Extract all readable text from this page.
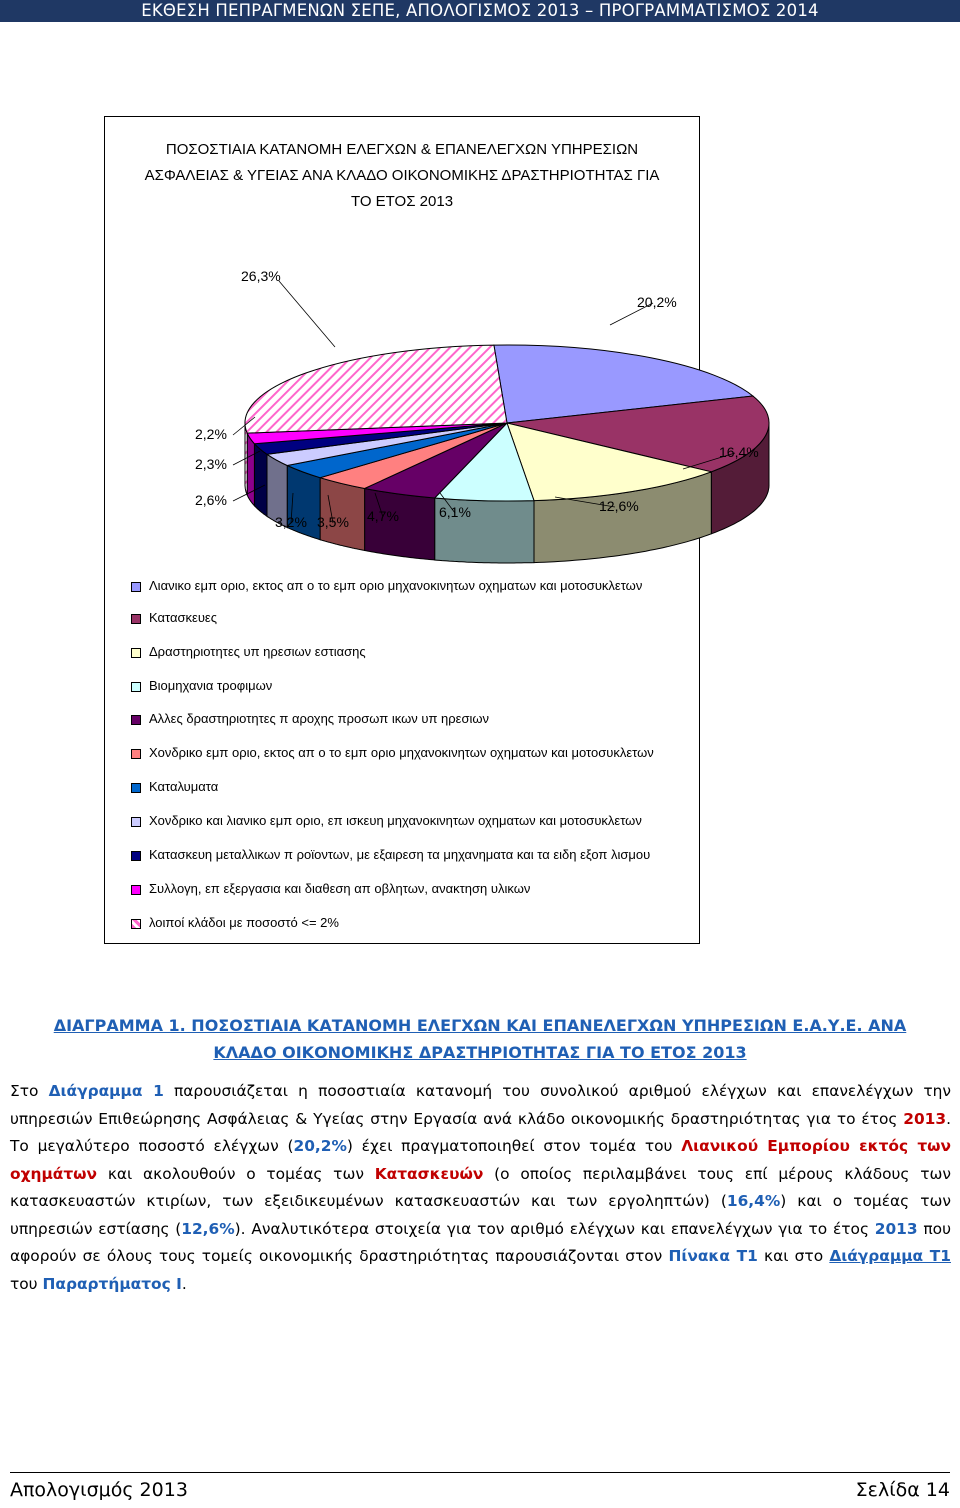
ΕΚΘΕΣΗ ΠΕΠΡΑΓΜΕΝΩΝ ΣΕΠΕ, ΑΠΟΛΟΓΙΣΜΟΣ 2013 – ΠΡΟΓΡΑΜΜΑΤΙΣΜΟΣ 2014
ΠΟΣΟΣΤΙΑΙΑ ΚΑΤΑΝΟΜΗ ΕΛΕΓΧΩΝ & ΕΠΑΝΕΛΕΓΧΩΝ ΥΠΗΡΕΣΙΩΝ
ΑΣΦΑΛΕΙΑΣ & ΥΓΕΙΑΣ ΑΝΑ ΚΛΑΔΟ ΟΙΚΟΝΟΜΙΚΗΣ ΔΡΑΣΤΗΡΙΟΤΗΤΑΣ ΓΙΑ
ΤΟ ΕΤΟΣ 2013
20,2%
16,4%
12,6%
6,1%
4,7%
3,5%
3,2%
2,6%
2,3%
2,2%
26,3%
Λιανικο εμπ οριο, εκτος απ ο το εμπ οριο μηχανοκινητων οχηματων και μοτοσυκλετων
Κατασκευες
Δραστηριοτητες υπ ηρεσιων εστιασης
Βιομηχανια τροφιμων
Αλλες δραστηριοτητες π αροχης προσωπ ικων υπ ηρεσιων
Χονδρικο εμπ οριο, εκτος απ ο το εμπ οριο μηχανοκινητων οχηματων και μοτοσυκλετων
Καταλυματα
Χονδρικο και λιανικο εμπ οριο, επ ισκευη μηχανοκινητων οχηματων και μοτοσυκλετων
Κατασκευη μεταλλικων π ροϊοντων, με εξαιρεση τα μηχανηματα και τα ειδη εξοπ λισμου
Συλλογη, επ εξεργασια και διαθεση απ οβλητων, ανακτηση υλικων
λοιποί κλάδοι με ποσοστό <= 2%
ΔΙΑΓΡΑΜΜΑ 1. ΠΟΣΟΣΤΙΑΙΑ ΚΑΤΑΝΟΜΗ ΕΛΕΓΧΩΝ ΚΑΙ ΕΠΑΝΕΛΕΓΧΩΝ ΥΠΗΡΕΣΙΩΝ Ε.Α.Υ.Ε. ΑΝΑ
ΚΛΑΔΟ ΟΙΚΟΝΟΜΙΚΗΣ ΔΡΑΣΤΗΡΙΟΤΗΤΑΣ ΓΙΑ ΤΟ ΕΤΟΣ 2013
Στο Διάγραμμα 1 παρουσιάζεται η ποσοστιαία κατανομή του συνολικού αριθμού ελέγχων και επανελέγχων την υπηρεσιών Επιθεώρησης Ασφάλειας & Υγείας στην Εργασία ανά κλάδο οικονομικής δραστηριότητας για το έτος 2013. Το μεγαλύτερο ποσοστό ελέγχων (20,2%) έχει πραγματοποιηθεί στον τομέα του Λιανικού Εμπορίου εκτός των οχημάτων και ακολουθούν ο τομέας των Κατασκευών (ο οποίος περιλαμβάνει τους επί μέρους κλάδους των κατασκευαστών κτιρίων, των εξειδικευμένων κατασκευαστών και των εργοληπτών) (16,4%) και ο τομέας των υπηρεσιών εστίασης (12,6%). Αναλυτικότερα στοιχεία για τον αριθμό ελέγχων και επανελέγχων για το έτος 2013 που αφορούν σε όλους τους τομείς οικονομικής δραστηριότητας παρουσιάζονται στον Πίνακα Τ1 και στο Διάγραμμα Τ1 του Παραρτήματος Ι.
Απολογισμός 2013	Σελίδα 14
